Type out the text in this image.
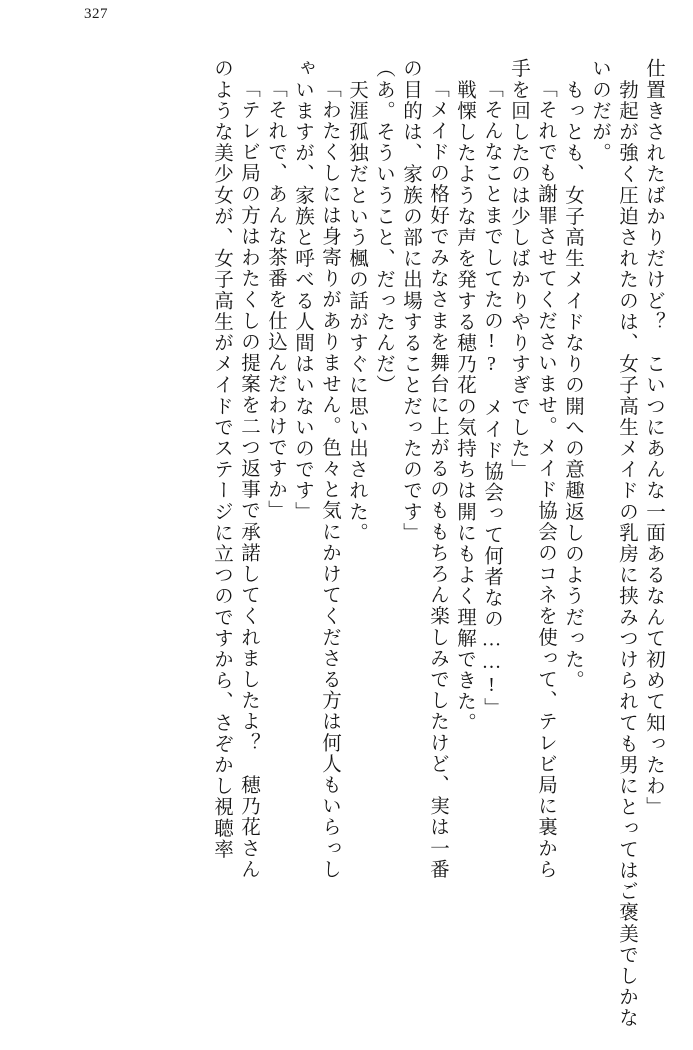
327
仕置きされたばかりだけど？　こいつにあんな一面あるなんて初めて知ったわ」
　勃起が強く圧迫されたのは、女子高生メイドの乳房に挟みつけられても男にとってはご褒美でしかな
いのだが。
　もっとも、女子高生メイドなりの開への意趣返しのようだった。
「それでも謝罪させてくださいませ。メイド協会のコネを使って、テレビ局に裏から
手を回したのは少しばかりやりすぎでした」
「そんなことまでしてたの!?　メイド協会って何者なの……!」
　戦慄したような声を発する穂乃花の気持ちは開にもよく理解できた。
「メイドの格好でみなさまを舞台に上がるのももちろん楽しみでしたけど、実は一番
の目的は、家族の部に出場することだったのです」
（あ。そういうこと、だったんだ）
　天涯孤独だという楓の話がすぐに思い出された。
「わたくしには身寄りがありません。色々と気にかけてくださる方は何人もいらっし
ゃいますが、家族と呼べる人間はいないのです」
「それで、あんな茶番を仕込んだわけですか」
「テレビ局の方はわたくしの提案を二つ返事で承諾してくれましたよ？　穂乃花さん
のような美少女が、女子高生がメイドでステージに立つのですから、さぞかし視聴率
